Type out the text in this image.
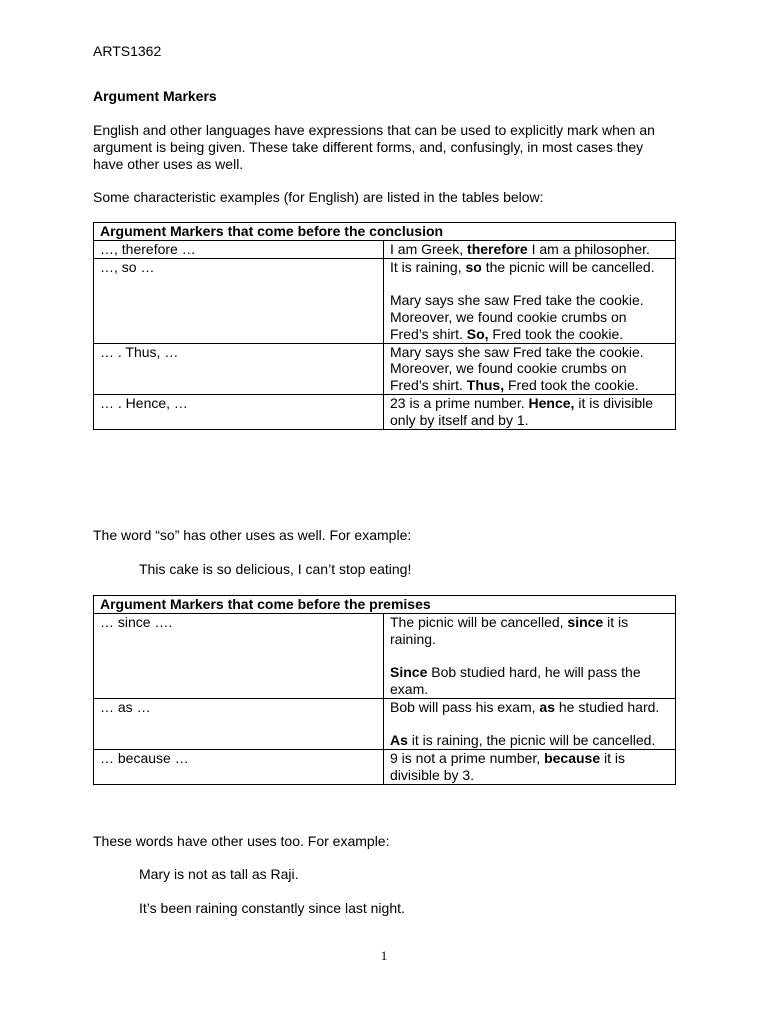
ARTS1362
Argument Markers
English and other languages have expressions that can be used to explicitly mark when an argument is being given. These take different forms, and, confusingly, in most cases they have other uses as well.
Some characteristic examples (for English) are listed in the tables below:
Argument Markers that come before the conclusion	
…, therefore …	I am Greek, therefore I am a philosopher.
…, so …	It is raining, so the picnic will be cancelled.
Mary says she saw Fred take the cookie. Moreover, we found cookie crumbs on Fred’s shirt. So, Fred took the cookie.
… . Thus, …	Mary says she saw Fred take the cookie. Moreover, we found cookie crumbs on Fred’s shirt. Thus, Fred took the cookie.
… . Hence, …	23 is a prime number. Hence, it is divisible only by itself and by 1.
The word “so” has other uses as well. For example:
This cake is so delicious, I can’t stop eating!
Argument Markers that come before the premises	
… since ….	The picnic will be cancelled, since it is raining.
Since Bob studied hard, he will pass the exam.
… as …	Bob will pass his exam, as he studied hard.
As it is raining, the picnic will be cancelled.
… because …	9 is not a prime number, because it is divisible by 3.
These words have other uses too. For example:
Mary is not as tall as Raji.
It’s been raining constantly since last night.
1
